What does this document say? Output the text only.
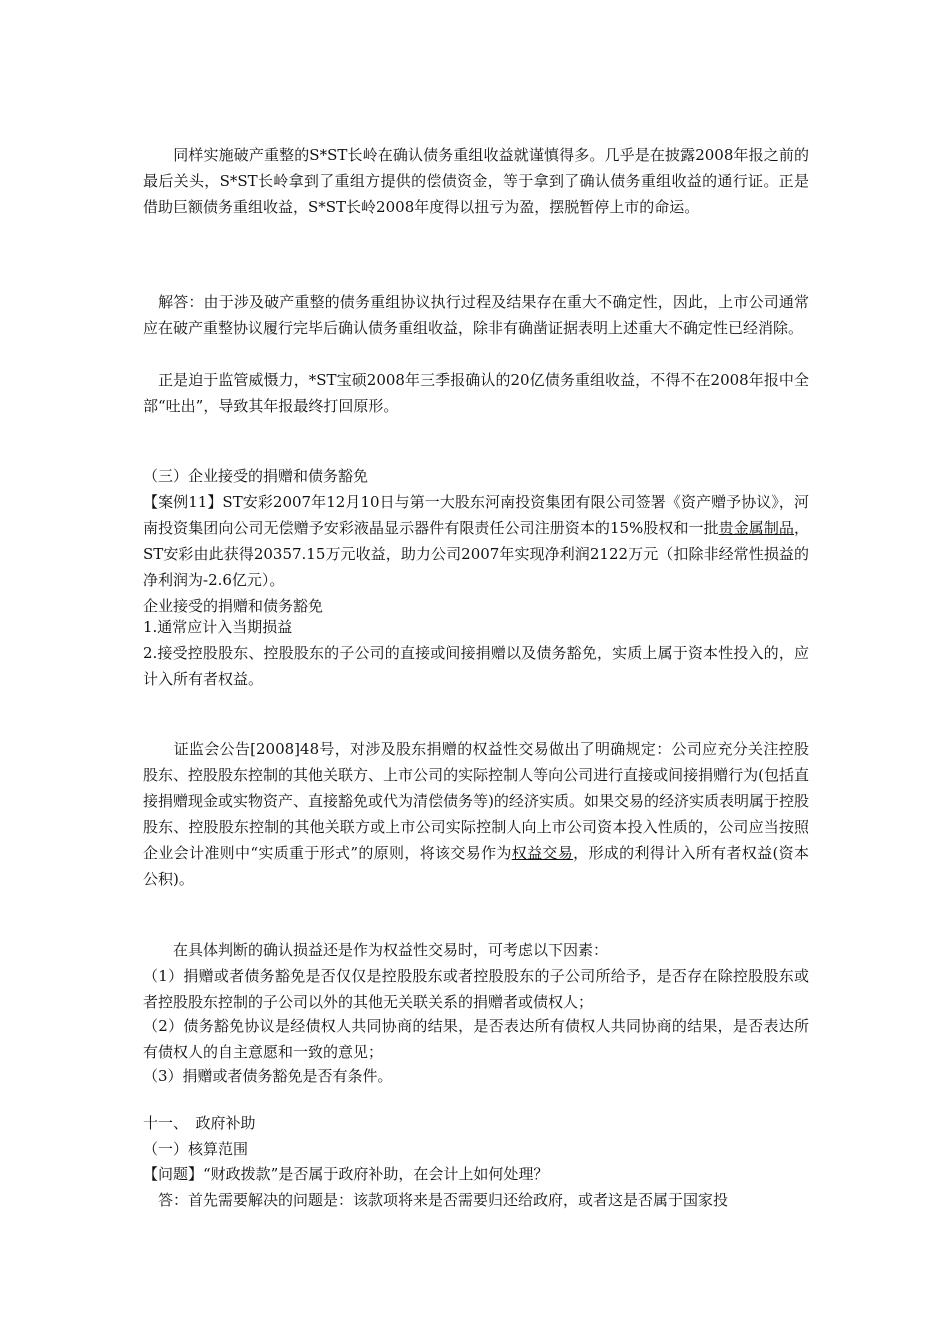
　　同样实施破产重整的S*ST长岭在确认债务重组收益就谨慎得多。几乎是在披露2008年报之前的最后关头，S*ST长岭拿到了重组方提供的偿债资金，等于拿到了确认债务重组收益的通行证。正是借助巨额债务重组收益，S*ST长岭2008年度得以扭亏为盈，摆脱暂停上市的命运。

　解答：由于涉及破产重整的债务重组协议执行过程及结果存在重大不确定性，因此，上市公司通常应在破产重整协议履行完毕后确认债务重组收益，除非有确凿证据表明上述重大不确定性已经消除。

　正是迫于监管威慑力，*ST宝硕2008年三季报确认的20亿债务重组收益，不得不在2008年报中全部“吐出”，导致其年报最终打回原形。

（三）企业接受的捐赠和债务豁免

【案例11】ST安彩2007年12月10日与第一大股东河南投资集团有限公司签署《资产赠予协议》，河南投资集团向公司无偿赠予安彩液晶显示器件有限责任公司注册资本的15%股权和一批贵金属制品，ST安彩由此获得20357.15万元收益，助力公司2007年实现净利润2122万元（扣除非经常性损益的净利润为-2.6亿元）。

企业接受的捐赠和债务豁免

1.通常应计入当期损益

2.接受控股股东、控股股东的子公司的直接或间接捐赠以及债务豁免，实质上属于资本性投入的，应计入所有者权益。

　　证监会公告[2008]48号，对涉及股东捐赠的权益性交易做出了明确规定：公司应充分关注控股股东、控股股东控制的其他关联方、上市公司的实际控制人等向公司进行直接或间接捐赠行为(包括直接捐赠现金或实物资产、直接豁免或代为清偿债务等)的经济实质。如果交易的经济实质表明属于控股股东、控股股东控制的其他关联方或上市公司实际控制人向上市公司资本投入性质的，公司应当按照企业会计准则中“实质重于形式”的原则，将该交易作为权益交易，形成的利得计入所有者权益(资本公积)。

　　在具体判断的确认损益还是作为权益性交易时，可考虑以下因素：

（1）捐赠或者债务豁免是否仅仅是控股股东或者控股股东的子公司所给予，是否存在除控股股东或者控股股东控制的子公司以外的其他无关联关系的捐赠者或债权人；

（2）债务豁免协议是经债权人共同协商的结果，是否表达所有债权人共同协商的结果，是否表达所有债权人的自主意愿和一致的意见；

（3）捐赠或者债务豁免是否有条件。

十一、　政府补助

（一）核算范围

【问题】“财政拨款”是否属于政府补助，在会计上如何处理？

　答：首先需要解决的问题是：该款项将来是否需要归还给政府，或者这是否属于国家投
